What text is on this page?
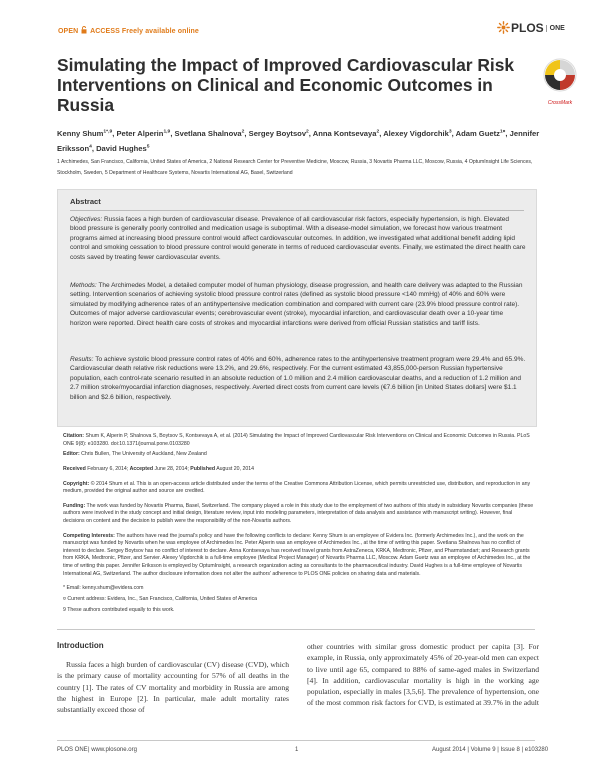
OPEN ACCESS Freely available online	PLOS ONE
Simulating the Impact of Improved Cardiovascular Risk Interventions on Clinical and Economic Outcomes in Russia	CrossMark
Kenny Shum$^{1*,9}$, Peter Alperin$^{1,9}$, Svetlana Shalnova$^2$, Sergey Boytsov$^2$, Anna Kontsevaya$^2$, Alexey Vigdorchik$^3$, Adam Guetz$^{1¤}$, Jennifer Eriksson$^4$, David Hughes$^5$
1 Archimedes, San Francisco, California, United States of America, 2 National Research Center for Preventive Medicine, Moscow, Russia, 3 Novartis Pharma LLC, Moscow, Russia, 4 OptumInsight Life Sciences, Stockholm, Sweden, 5 Department of Healthcare Systems, Novartis International AG, Basel, Switzerland
Abstract
Objectives: Russia faces a high burden of cardiovascular disease. Prevalence of all cardiovascular risk factors, especially hypertension, is high. Elevated blood pressure is generally poorly controlled and medication usage is suboptimal. With a disease-model simulation, we forecast how various treatment programs aimed at increasing blood pressure control would affect cardiovascular outcomes. In addition, we investigated what additional benefit adding lipid control and smoking cessation to blood pressure control would generate in terms of reduced cardiovascular events. Finally, we estimated the direct health care costs saved by treating fewer cardiovascular events.
Methods: The Archimedes Model, a detailed computer model of human physiology, disease progression, and health care delivery was adapted to the Russian setting. Intervention scenarios of achieving systolic blood pressure control rates (defined as systolic blood pressure <140 mmHg) of 40% and 60% were simulated by modifying adherence rates of an antihypertensive medication combination and compared with current care (23.9% blood pressure control rate). Outcomes of major adverse cardiovascular events; cerebrovascular event (stroke), myocardial infarction, and cardiovascular death over a 10-year time horizon were reported. Direct health care costs of strokes and myocardial infarctions were derived from official Russian statistics and tariff lists.
Results: To achieve systolic blood pressure control rates of 40% and 60%, adherence rates to the antihypertensive treatment program were 29.4% and 65.9%. Cardiovascular death relative risk reductions were 13.2%, and 29.6%, respectively. For the current estimated 43,855,000-person Russian hypertensive population, each control-rate scenario resulted in an absolute reduction of 1.0 million and 2.4 million cardiovascular deaths, and a reduction of 1.2 million and 2.7 million stroke/myocardial infarction diagnoses, respectively. Averted direct costs from current care levels (€7.6 billion [in United States dollars] were $1.1 billion and $2.6 billion, respectively.

Citation: Shum K, Alperin P, Shalnova S, Boytsov S, Kontsevaya A, et al. (2014) Simulating the Impact of Improved Cardiovascular Risk Interventions on Clinical and Economic Outcomes in Russia. PLoS ONE 9(8): e103280. doi:10.1371/journal.pone.0103280

Editor: Chris Bullen, The University of Auckland, New Zealand

Received February 6, 2014; Accepted June 28, 2014; Published August 20, 2014

Copyright: © 2014 Shum et al. This is an open-access article distributed under the terms of the Creative Commons Attribution License, which permits unrestricted use, distribution, and reproduction in any medium, provided the original author and source are credited.

Funding: The work was funded by Novartis Pharma, Basel, Switzerland. The company played a role in this study due to the employment of two authors of this study in subsidiary Novartis companies (these authors were involved in the study concept and initial design, literature review, input into modeling parameters, interpretation of data analysis and assistance with manuscript writing). However, final decisions on content and the decision to publish were the responsibility of the non-Novartis authors.

Competing Interests: The authors have read the journal's policy and have the following conflicts to declare: Kenny Shum is an employee of Evidera Inc. (formerly Archimedes Inc.), and the work on the manuscript was funded by Novartis when he was employee of Archimedes Inc. Peter Alperin was an employee of Archimedes Inc., at the time of writing this paper. Svetlana Shalnova has no conflict of interest to declare. Sergey Boytsov has no conflict of interest to declare. Anna Kontsevaya has received travel grants from AstraZeneca, KRKA, Medtronic, Pfizer, and Pharmstandart; and Research grants from KRKA, Medtronic, Pfizer, and Servier. Alexey Vigdorchik is a full-time employee (Medical Project Manager) of Novartis Pharma LLC, Moscow. Adam Guetz was an employee of Archimedes Inc., at the time of writing this paper. Jennifer Eriksson is employed by OptumInsight, a research organization acting as consultants to the pharmaceutical industry. David Hughes is a full-time employee of Novartis International AG, Switzerland. The author disclosure information does not alter the authors' adherence to PLOS ONE policies on sharing data and materials.

* Email: kenny.shum@evidera.com

¤ Current address: Evidera, Inc., San Francisco, California, United States of America

9 These authors contributed equally to this work.

Introduction
Russia faces a high burden of cardiovascular (CV) disease (CVD), which is the primary cause of mortality accounting for 57% of all deaths in the country [1]. The rates of CV mortality and morbidity in Russia are among the highest in Europe [2]. In particular, male adult mortality rates substantially exceed those of
other countries with similar gross domestic product per capita [3]. For example, in Russia, only approximately 45% of 20-year-old men can expect to live until age 65, compared to 88% of same-aged males in Switzerland [4]. In addition, cardiovascular mortality is high in the working age population, especially in males [3,5,6]. The prevalence of hypertension, one of the most common risk factors for CVD, is estimated at 39.7% in the adult
PLOS ONE | www.plosone.org	1	August 2014 | Volume 9 | Issue 8 | e103280
